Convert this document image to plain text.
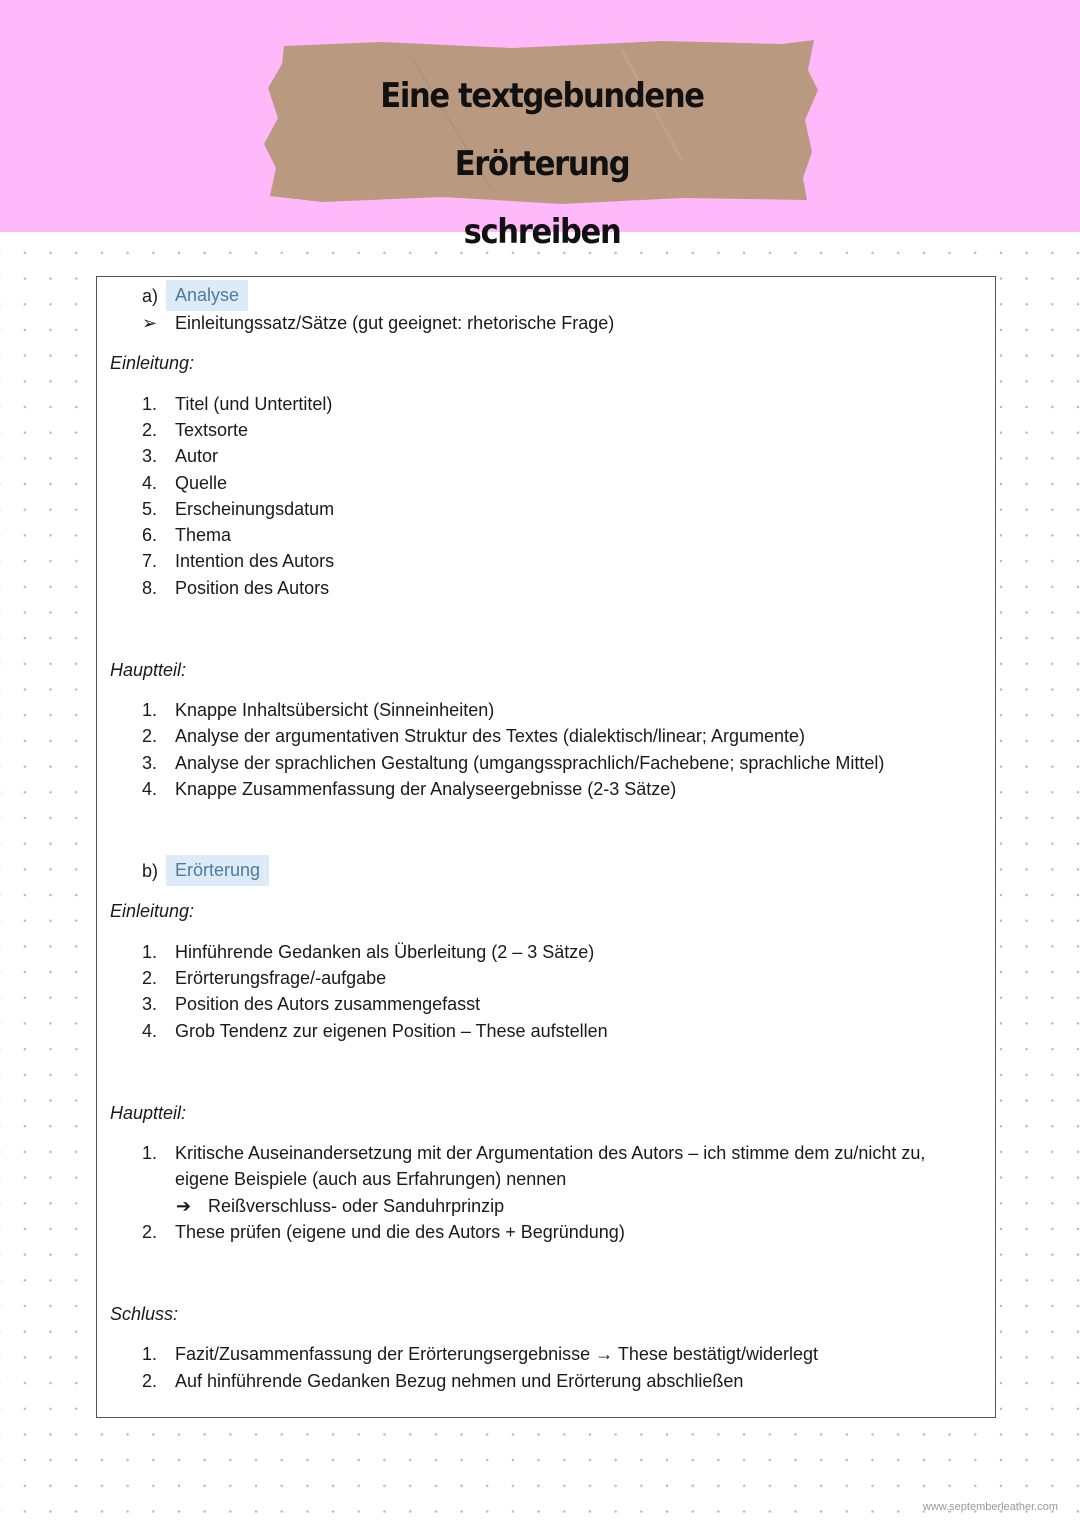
Eine textgebundene Erörterung
schreiben
a) Analyse
➢ Einleitungssatz/Sätze (gut geeignet: rhetorische Frage)
Einleitung:
1. Titel (und Untertitel)
2. Textsorte
3. Autor
4. Quelle
5. Erscheinungsdatum
6. Thema
7. Intention des Autors
8. Position des Autors
Hauptteil:
1. Knappe Inhaltsübersicht (Sinneinheiten)
2. Analyse der argumentativen Struktur des Textes (dialektisch/linear; Argumente)
3. Analyse der sprachlichen Gestaltung (umgangssprachlich/Fachebene; sprachliche Mittel)
4. Knappe Zusammenfassung der Analyseergebnisse (2-3 Sätze)
b) Erörterung
Einleitung:
1. Hinführende Gedanken als Überleitung (2 – 3 Sätze)
2. Erörterungsfrage/-aufgabe
3. Position des Autors zusammengefasst
4. Grob Tendenz zur eigenen Position – These aufstellen
Hauptteil:
1. Kritische Auseinandersetzung mit der Argumentation des Autors – ich stimme dem zu/nicht zu,
eigene Beispiele (auch aus Erfahrungen) nennen
➔ Reißverschluss- oder Sanduhrprinzip
2. These prüfen (eigene und die des Autors + Begründung)
Schluss:
1. Fazit/Zusammenfassung der Erörterungsergebnisse → These bestätigt/widerlegt
2. Auf hinführende Gedanken Bezug nehmen und Erörterung abschließen
www.septemberleather.com
